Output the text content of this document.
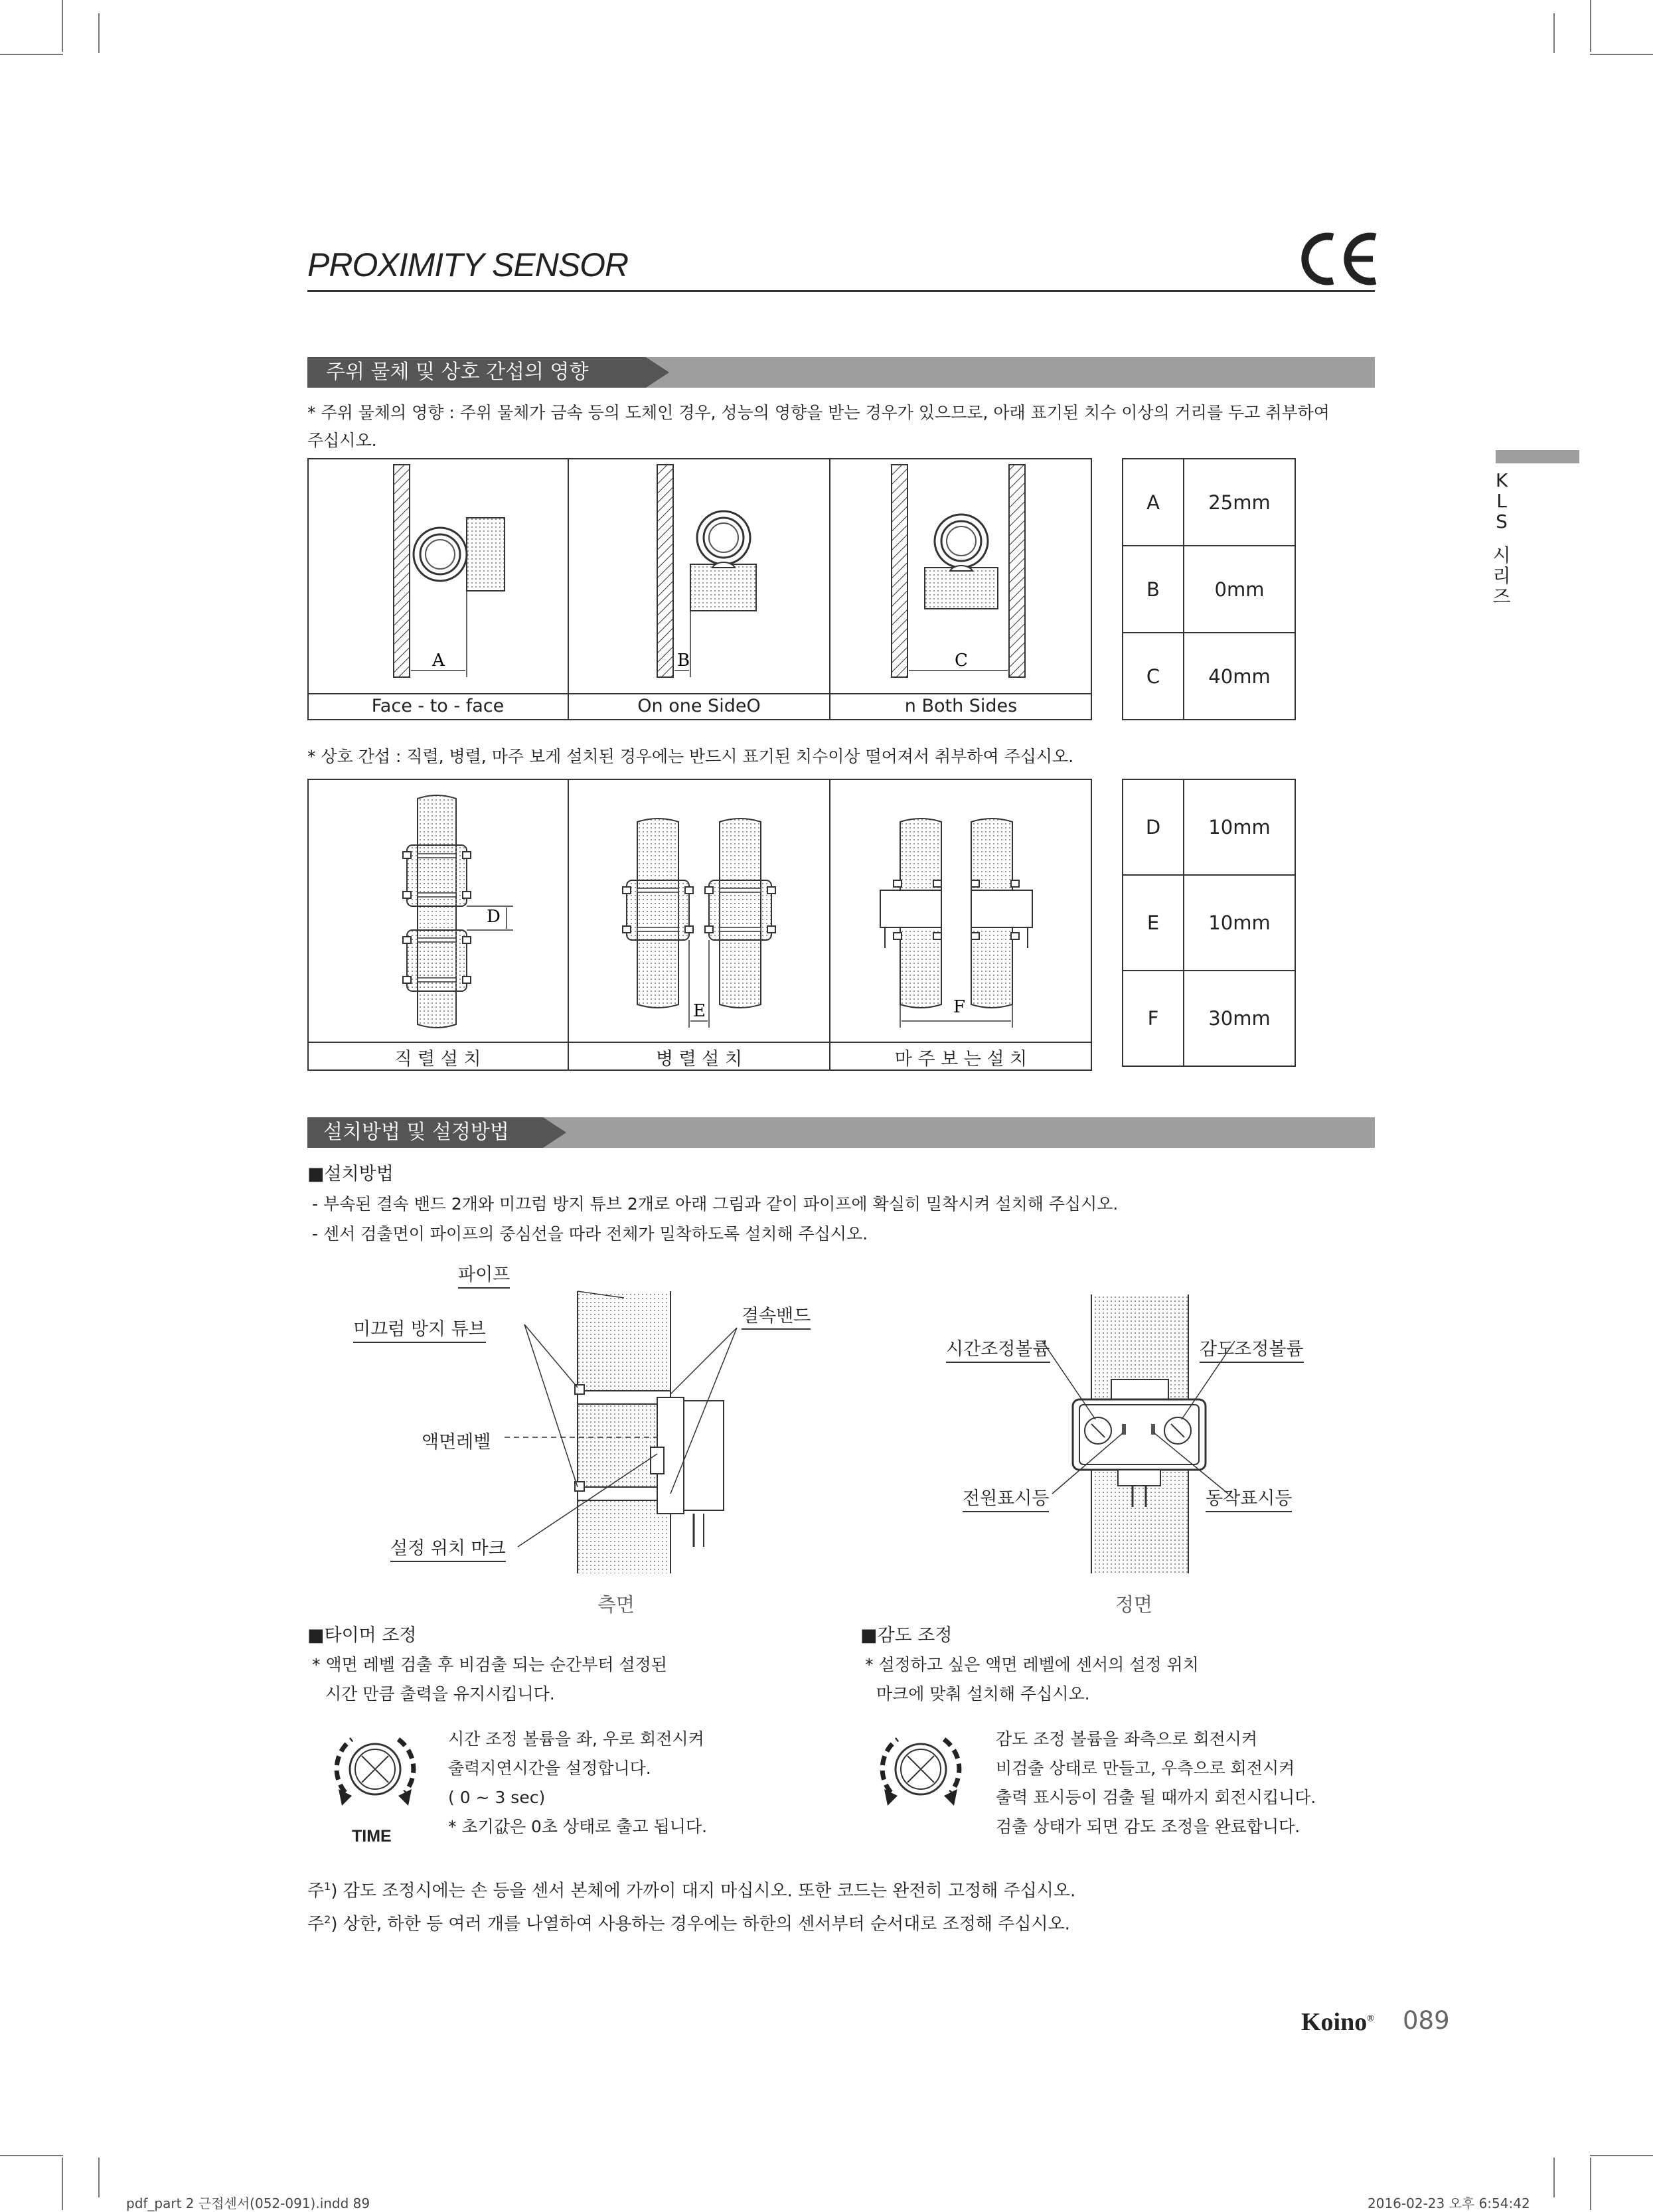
PROXIMITY SENSOR
CE
K
L
S
시
리
즈
주위 물체 및 상호 간섭의 영향
* 주위 물체의 영향 : 주위 물체가 금속 등의 도체인 경우, 성능의 영향을 받는 경우가 있으므로, 아래 표기된 치수 이상의 거리를 두고 취부하여
주십시오.
A	B	C
Face - to - face	On one SideO	n Both Sides
A	25mm
B	0mm
C	40mm
* 상호 간섭 : 직렬, 병렬, 마주 보게 설치된 경우에는 반드시 표기된 치수이상 떨어져서 취부하여 주십시오.
D
E	F
직 렬 설 치	병 렬 설 치	마 주 보 는 설 치
D	10mm
E	10mm
F	30mm
설치방법 및 설정방법
■설치방법
- 부속된 결속 밴드 2개와 미끄럼 방지 튜브 2개로 아래 그림과 같이 파이프에 확실히 밀착시켜 설치해 주십시오.
- 센서 검출면이 파이프의 중심선을 따라 전체가 밀착하도록 설치해 주십시오.
파이프
미끄럼 방지 튜브
결속밴드
액면레벨
설정 위치 마크
측면
시간조정볼륨	감도조정볼륨
전원표시등	동작표시등
정면
■타이머 조정
* 액면 레벨 검출 후 비검출 되는 순간부터 설정된
시간 만큼 출력을 유지시킵니다.
TIME
시간 조정 볼륨을 좌, 우로 회전시켜
출력지연시간을 설정합니다.
( 0 ~ 3 sec)
* 초기값은 0초 상태로 출고 됩니다.
■감도 조정
* 설정하고 싶은 액면 레벨에 센서의 설정 위치
마크에 맞춰 설치해 주십시오.
감도 조정 볼륨을 좌측으로 회전시켜
비검출 상태로 만들고, 우측으로 회전시켜
출력 표시등이 검출 될 때까지 회전시킵니다.
검출 상태가 되면 감도 조정을 완료합니다.
주$^1$) 감도 조정시에는 손 등을 센서 본체에 가까이 대지 마십시오. 또한 코드는 완전히 고정해 주십시오.
주$^2$) 상한, 하한 등 여러 개를 나열하여 사용하는 경우에는 하한의 센서부터 순서대로 조정해 주십시오.
Koino® 089
pdf_part 2 근접센서(052-091).indd 89	2016-02-23 오후 6:54:42
